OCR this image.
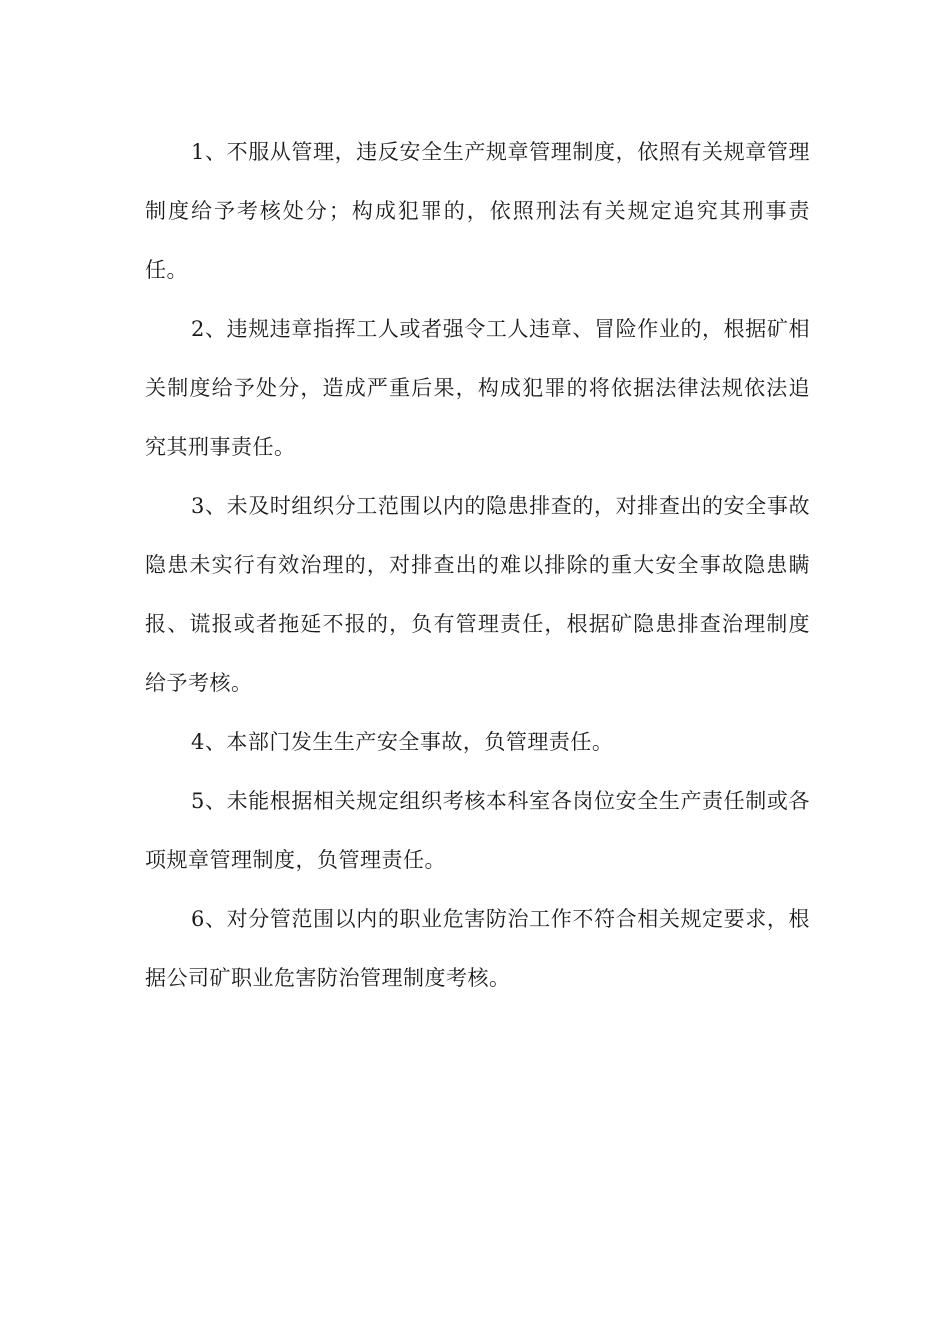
1、不服从管理，违反安全生产规章管理制度，依照有关规章管理制度给予考核处分；构成犯罪的，依照刑法有关规定追究其刑事责任。

2、违规违章指挥工人或者强令工人违章、冒险作业的，根据矿相关制度给予处分，造成严重后果，构成犯罪的将依据法律法规依法追究其刑事责任。

3、未及时组织分工范围以内的隐患排查的，对排查出的安全事故隐患未实行有效治理的，对排查出的难以排除的重大安全事故隐患瞒报、谎报或者拖延不报的，负有管理责任，根据矿隐患排查治理制度给予考核。

4、本部门发生生产安全事故，负管理责任。

5、未能根据相关规定组织考核本科室各岗位安全生产责任制或各项规章管理制度，负管理责任。

6、对分管范围以内的职业危害防治工作不符合相关规定要求，根据公司矿职业危害防治管理制度考核。
